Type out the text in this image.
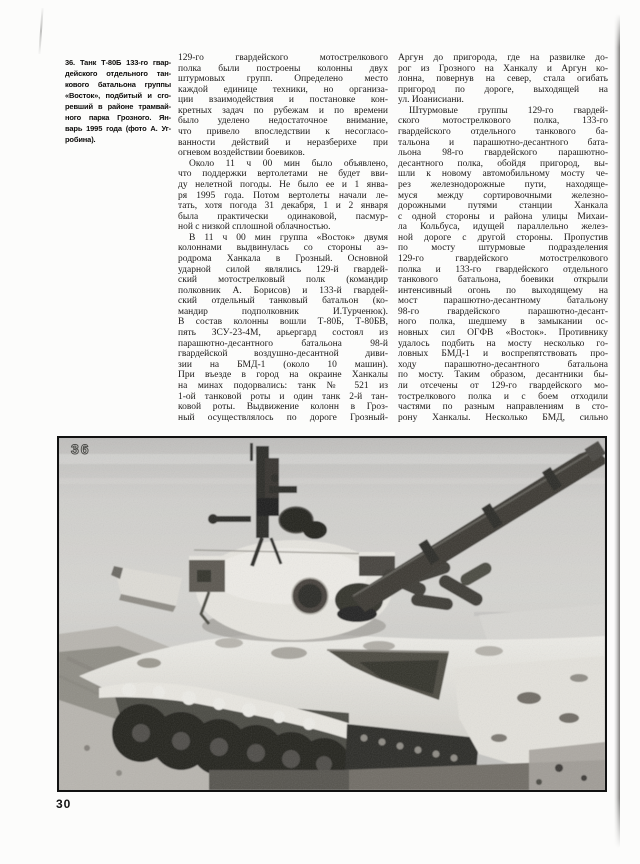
36. Танк Т-80Б 133-го гвар-
дейского отдельного тан-
кового батальона группы
«Восток», подбитый и сго-
ревший в районе трамвай-
ного парка Грозного. Ян-
варь 1995 года (фото А. Уг-
робина).
129-го гвардейского мотострелкового
полка были построены колонны двух
штурмовых групп. Определено место
каждой единице техники, но организа-
ции взаимодействия и постановке кон-
кретных задач по рубежам и по времени
было уделено недостаточное внимание,
что привело впоследствии к несогласо-
ванности действий и неразберихе при
огневом воздействии боевиков.
Около 11 ч 00 мин было объявлено,
что поддержки вертолетами не будет вви-
ду нелетной погоды. Не было ее и 1 янва-
ря 1995 года. Потом вертолеты начали ле-
тать, хотя погода 31 декабря, 1 и 2 января
была практически одинаковой, пасмур-
ной с низкой сплошной облачностью.
В 11 ч 00 мин группа «Восток» двумя
колоннами выдвинулась со стороны аэ-
родрома Ханкала в Грозный. Основной
ударной силой являлись 129-й гвардей-
ский мотострелковый полк (командир
полковник А. Борисов) и 133-й гвардей-
ский отдельный танковый батальон (ко-
мандир подполковник И.Турченюк).
В состав колонны вошли Т-80Б, Т-80БВ,
пять ЗСУ-23-4М, арьергард состоял из
парашютно-десантного батальона 98-й
гвардейской воздушно-десантной диви-
зии на БМД-1 (около 10 машин).
При въезде в город на окраине Ханкалы
на минах подорвались: танк № 521 из
1-ой танковой роты и один танк 2-й тан-
ковой роты. Выдвижение колонн в Гроз-
ный осуществлялось по дороге Грозный-
Аргун до пригорода, где на развилке до-
рог из Грозного на Ханкалу и Аргун ко-
лонна, повернув на север, стала огибать
пригород по дороге, выходящей на
ул. Иоанисиани.
Штурмовые группы 129-го гвардей-
ского мотострелкового полка, 133-го
гвардейского отдельного танкового ба-
тальона и парашютно-десантного бата-
льона 98-го гвардейского парашютно-
десантного полка, обойдя пригород, вы-
шли к новому автомобильному мосту че-
рез железнодорожные пути, находяще-
муся между сортировочными железно-
дорожными путями станции Ханкала
с одной стороны и района улицы Михаи-
ла Кольбуса, идущей параллельно желез-
ной дороге с другой стороны. Пропустив
по мосту штурмовые подразделения
129-го гвардейского мотострелкового
полка и 133-го гвардейского отдельного
танкового батальона, боевики открыли
интенсивный огонь по выходящему на
мост парашютно-десантному батальону
98-го гвардейского парашютно-десант-
ного полка, шедшему в замыкании ос-
новных сил ОГФВ «Восток». Противнику
удалось подбить на мосту несколько го-
ловных БМД-1 и воспрепятствовать про-
ходу парашютно-десантного батальона
по мосту. Таким образом, десантники бы-
ли отсечены от 129-го гвардейского мо-
тострелкового полка и с боем отходили
частями по разным направлениям в сто-
рону Ханкалы. Несколько БМД, сильно
36
30
